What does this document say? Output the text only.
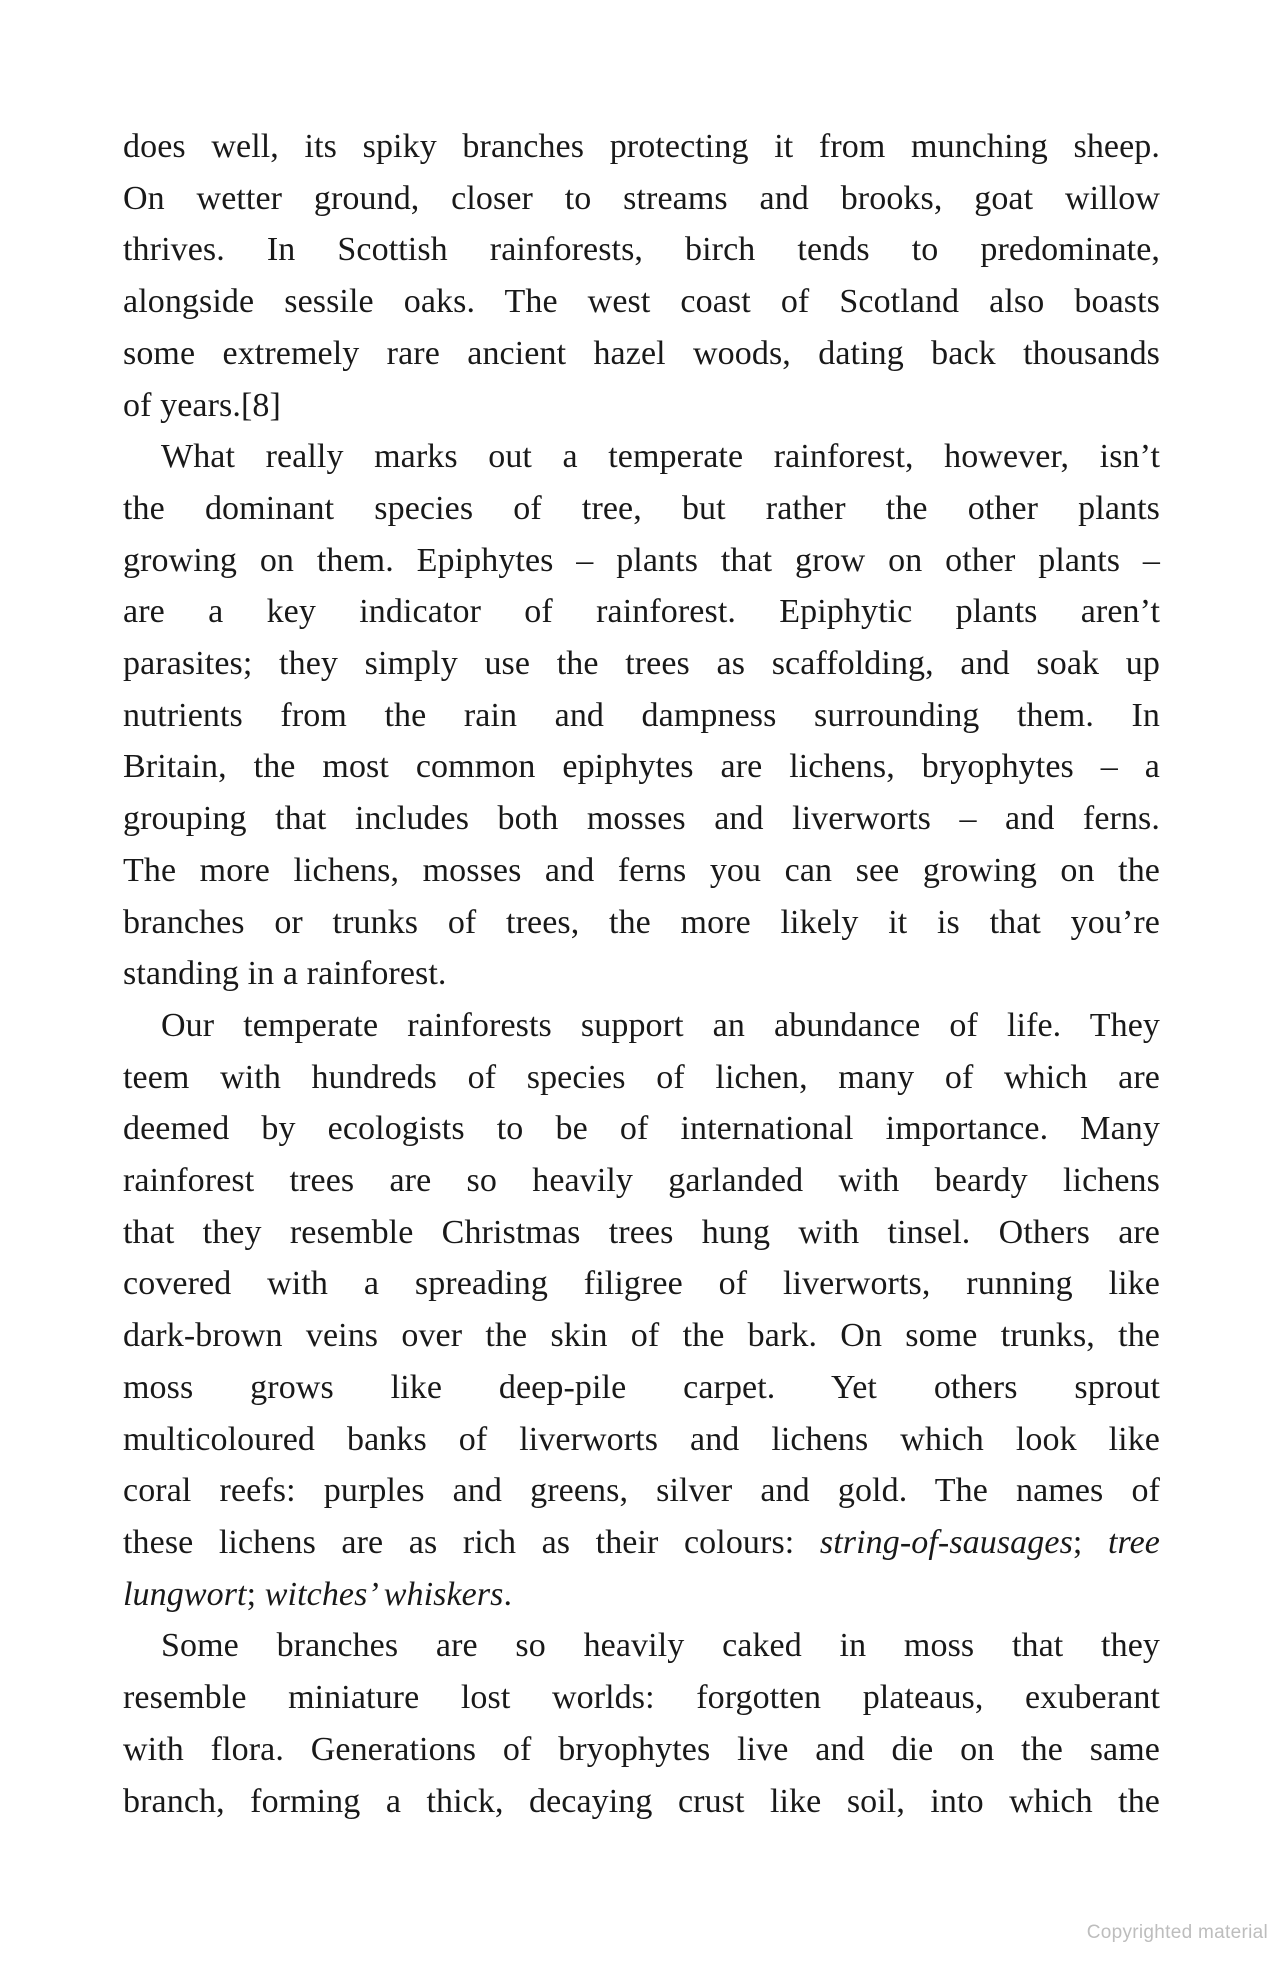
does well, its spiky branches protecting it from munching sheep.
On wetter ground, closer to streams and brooks, goat willow
thrives. In Scottish rainforests, birch tends to predominate,
alongside sessile oaks. The west coast of Scotland also boasts
some extremely rare ancient hazel woods, dating back thousands
of years.[8]
What really marks out a temperate rainforest, however, isn’t
the dominant species of tree, but rather the other plants
growing on them. Epiphytes – plants that grow on other plants –
are a key indicator of rainforest. Epiphytic plants aren’t
parasites; they simply use the trees as scaffolding, and soak up
nutrients from the rain and dampness surrounding them. In
Britain, the most common epiphytes are lichens, bryophytes – a
grouping that includes both mosses and liverworts – and ferns.
The more lichens, mosses and ferns you can see growing on the
branches or trunks of trees, the more likely it is that you’re
standing in a rainforest.
Our temperate rainforests support an abundance of life. They
teem with hundreds of species of lichen, many of which are
deemed by ecologists to be of international importance. Many
rainforest trees are so heavily garlanded with beardy lichens
that they resemble Christmas trees hung with tinsel. Others are
covered with a spreading filigree of liverworts, running like
dark-brown veins over the skin of the bark. On some trunks, the
moss grows like deep-pile carpet. Yet others sprout
multicoloured banks of liverworts and lichens which look like
coral reefs: purples and greens, silver and gold. The names of
these lichens are as rich as their colours: string-of-sausages; tree
lungwort; witches’ whiskers.
Some branches are so heavily caked in moss that they
resemble miniature lost worlds: forgotten plateaus, exuberant
with flora. Generations of bryophytes live and die on the same
branch, forming a thick, decaying crust like soil, into which the
Copyrighted material
